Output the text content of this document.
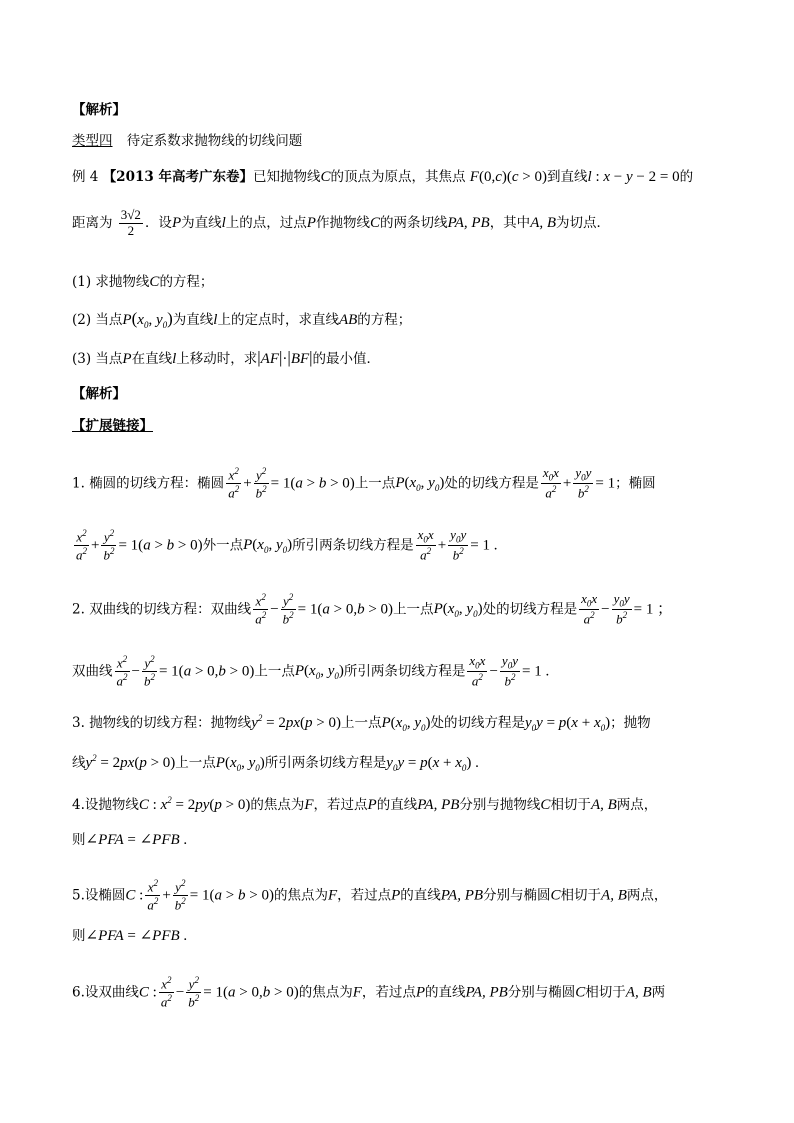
【解析】
类型四 待定系数求抛物线的切线问题
例 4 【2013 年高考广东卷】已知抛物线C的顶点为原点，其焦点 F(0,c)(c > 0)到直线l : x − y − 2 = 0的
距离为 $\frac{3√2}{2}$ ．设P为直线l上的点，过点P作抛物线C的两条切线PA, PB，其中A, B为切点．
(1) 求抛物线C的方程；
(2) 当点$P(x_0$, $y_0$)为直线l上的定点时，求直线AB的方程；
(3) 当点P在直线l上移动时，求|AF|·|BF|的最小值．
【解析】
【扩展链接】
1. 椭圆的切线方程：椭圆 $\frac{x^2}{a^2} + \frac{y^2}{b^2} = 1(a > b > 0)$上一点$P(x_0$, $y_0$)处的切线方程是 $\frac{x_0x}{a^2} + \frac{y_0y}{b^2} = 1$；椭圆
$\frac{x^2}{a^2} + \frac{y^2}{b^2} = 1(a > b > 0)$外一点$P(x_0$, $y_0$)所引两条切线方程是 $\frac{x_0x}{a^2} + \frac{y_0y}{b^2} = 1$ .
2. 双曲线的切线方程：双曲线 $\frac{x^2}{a^2} - \frac{y^2}{b^2} = 1(a > 0,b > 0)$上一点$P(x_0$, $y_0$)处的切线方程是 $\frac{x_0x}{a^2} - \frac{y_0y}{b^2} = 1$ ；
双曲线 $\frac{x^2}{a^2} - \frac{y^2}{b^2} = 1(a > 0,b > 0)$上一点$P(x_0$, $y_0$)所引两条切线方程是 $\frac{x_0x}{a^2} - \frac{y_0y}{b^2} = 1$ .
3. 抛物线的切线方程：抛物线$y^2 = 2px(p > 0)$上一点$P(x_0$, $y_0$)处的切线方程是$y_0y = p(x + x_0)$；抛物
线$y^2 = 2px(p > 0)$上一点$P(x_0$, $y_0$)所引两条切线方程是$y_0y = p(x + x_0)$ .
4.设抛物线C : $x^2 = 2py(p > 0)$的焦点为F，若过点P的直线PA, PB分别与抛物线C相切于A, B两点，
则∠PFA = ∠PFB .
5.设椭圆C : $\frac{x^2}{a^2} + \frac{y^2}{b^2} = 1(a > b > 0)$的焦点为F，若过点P的直线PA, PB分别与椭圆C相切于A, B两点，
则∠PFA = ∠PFB .
6.设双曲线C : $\frac{x^2}{a^2} - \frac{y^2}{b^2} = 1(a > 0,b > 0)$的焦点为F，若过点P的直线PA, PB分别与椭圆C相切于A, B两
